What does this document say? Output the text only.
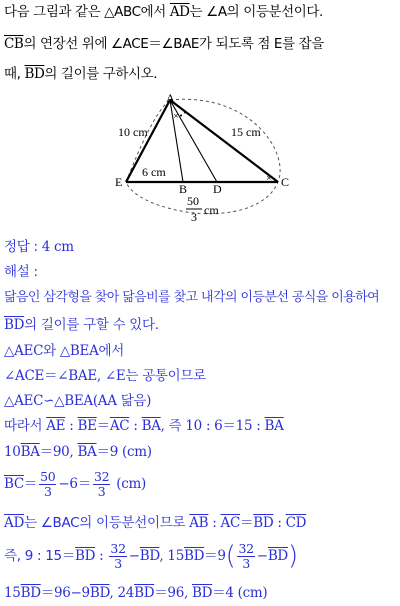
다음 그림과 같은 △ABC에서 $\overline{AD}$는 ∠A의 이등분선이다.
$\overline{CB}$의 연장선 위에 ∠ACE＝∠BAE가 되도록 점 E를 잡을
때, $\overline{BD}$의 길이를 구하시오.
× • •
×
A
B	C
D
E
10 cm	15 cm
6 cm
50
3 cm
정답 : 4 cm
해설 :
닮음인 삼각형을 찾아 닮음비를 찾고 내각의 이등분선 공식을 이용하여
$\overline{BD}$의 길이를 구할 수 있다.
△AEC와 △BEA에서
∠ACE＝∠BAE, ∠E는 공통이므로
△AEC∽△BEA(AA 닮음)
따라서 $\overline{AE}$ : $\overline{BE}=\overline{AC}$ : $\overline{BA}$, 즉 10 : 6＝15 : $\overline{BA}$
$10\overline{BA}=90$, $\overline{BA}=9$ (cm)
$\overline{BC}= \frac{50}{3} -6= \frac{32}{3} (cm)$
$\overline{AD}$는 ∠BAC의 이등분선이므로 $\overline{AB}$ : $\overline{AC}=\overline{BD}$ : $\overline{CD}$
즉, 9 : $15=\overline{BD}$ : $\frac{32}{3} -\overline{BD}$, $15\overline{BD}=9( \frac{32}{3} -\overline{BD})$
$15\overline{BD}=96-9\overline{BD}$, $24\overline{BD}=96$, $\overline{BD}=4$ (cm)
